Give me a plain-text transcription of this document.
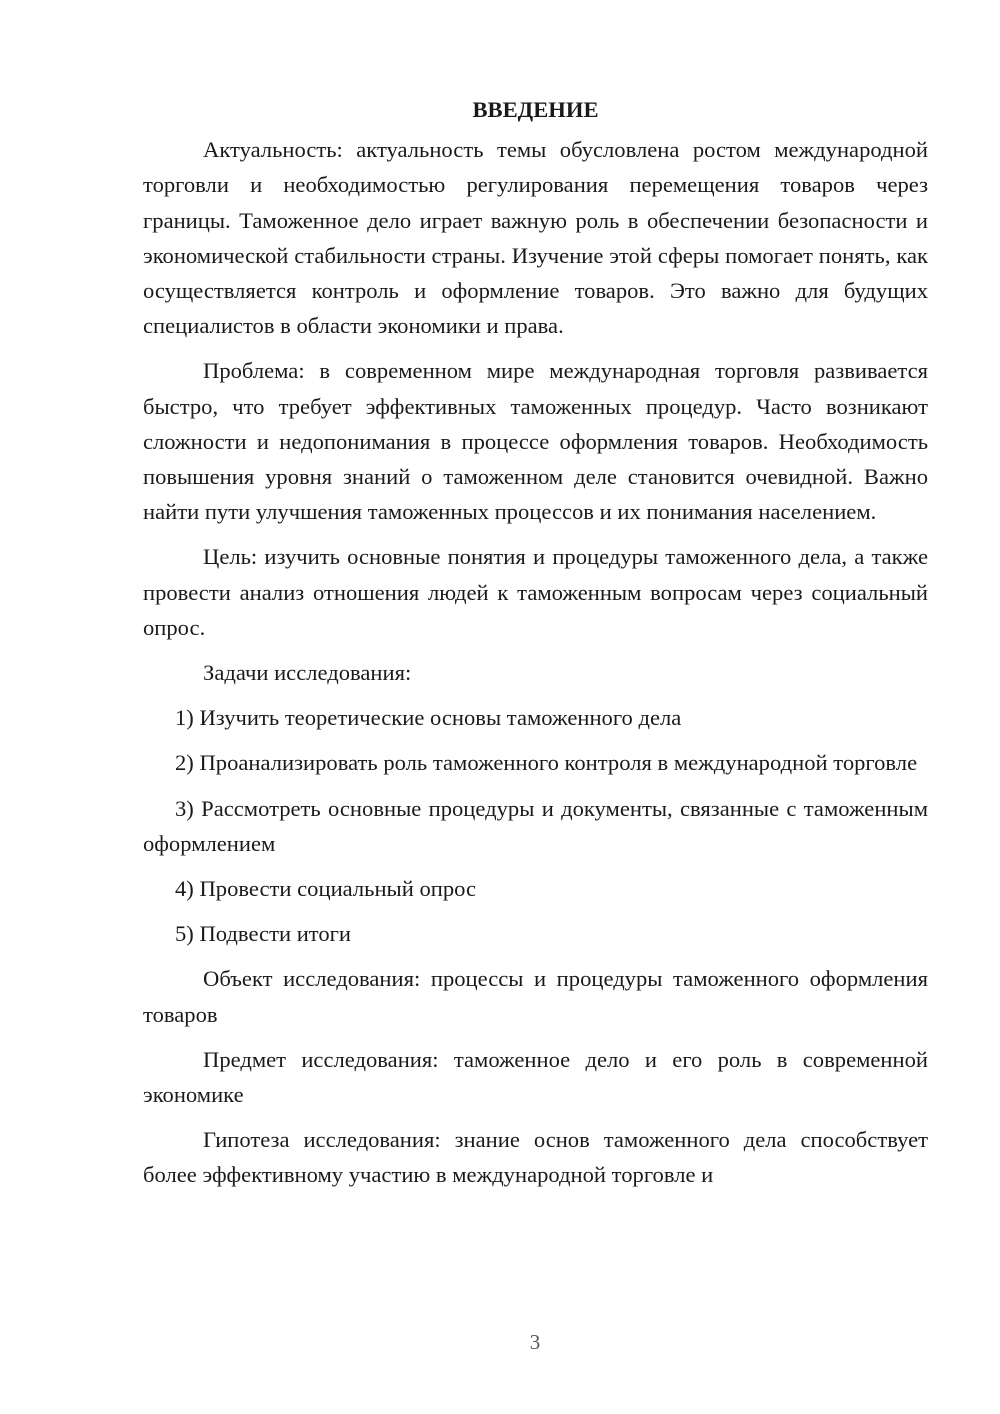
ВВЕДЕНИЕ

Актуальность: актуальность темы обусловлена ростом международной торговли и необходимостью регулирования перемещения товаров через границы. Таможенное дело играет важную роль в обеспечении безопасности и экономической стабильности страны. Изучение этой сферы помогает понять, как осуществляется контроль и оформление товаров. Это важно для будущих специалистов в области экономики и права.

Проблема: в современном мире международная торговля развивается быстро, что требует эффективных таможенных процедур. Часто возникают сложности и недопонимания в процессе оформления товаров. Необходимость повышения уровня знаний о таможенном деле становится очевидной. Важно найти пути улучшения таможенных процессов и их понимания населением.

Цель: изучить основные понятия и процедуры таможенного дела, а также провести анализ отношения людей к таможенным вопросам через социальный опрос.

Задачи исследования:

1) Изучить теоретические основы таможенного дела

2) Проанализировать роль таможенного контроля в международной торговле

3) Рассмотреть основные процедуры и документы, связанные с таможенным оформлением

4) Провести социальный опрос

5) Подвести итоги

Объект исследования: процессы и процедуры таможенного оформления товаров

Предмет исследования: таможенное дело и его роль в современной экономике

Гипотеза исследования: знание основ таможенного дела способствует более эффективному участию в международной торговле и

3
